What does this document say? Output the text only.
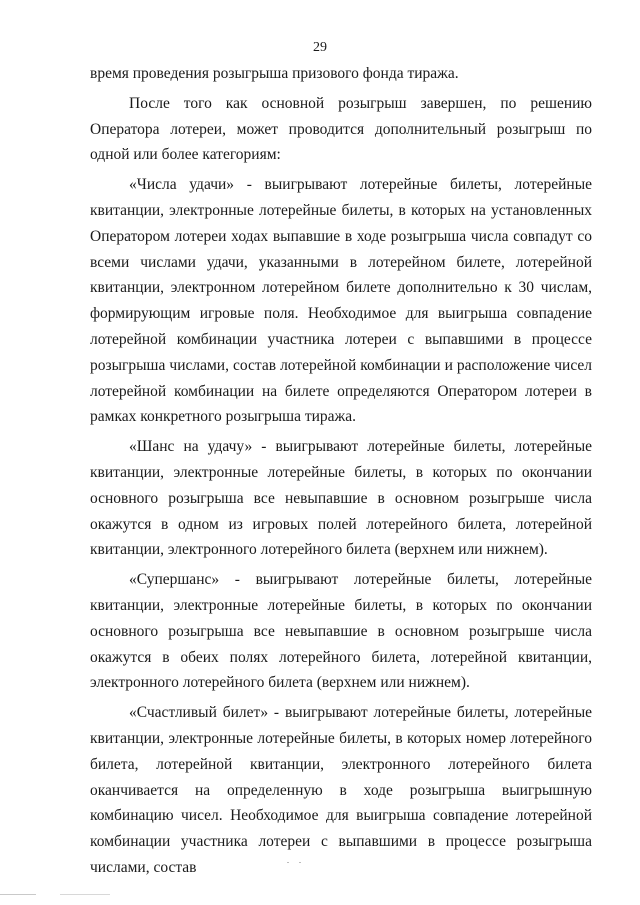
29

время проведения розыгрыша призового фонда тиража.

После того как основной розыгрыш завершен, по решению Оператора лотереи, может проводится дополнительный розыгрыш по одной или более категориям:

«Числа удачи» - выигрывают лотерейные билеты, лотерейные квитанции, электронные лотерейные билеты, в которых на установленных Оператором лотереи ходах выпавшие в ходе розыгрыша числа совпадут со всеми числами удачи, указанными в лотерейном билете, лотерейной квитанции, электронном лотерейном билете дополнительно к 30 числам, формирующим игровые поля. Необходимое для выигрыша совпадение лотерейной комбинации участника лотереи с выпавшими в процессе розыгрыша числами, состав лотерейной комбинации и расположение чисел лотерейной комбинации на билете определяются Оператором лотереи в рамках конкретного розыгрыша тиража.

«Шанс на удачу» - выигрывают лотерейные билеты, лотерейные квитанции, электронные лотерейные билеты, в которых по окончании основного розыгрыша все невыпавшие в основном розыгрыше числа окажутся в одном из игровых полей лотерейного билета, лотерейной квитанции, электронного лотерейного билета (верхнем или нижнем).

«Супершанс» - выигрывают лотерейные билеты, лотерейные квитанции, электронные лотерейные билеты, в которых по окончании основного розыгрыша все невыпавшие в основном розыгрыше числа окажутся в обеих полях лотерейного билета, лотерейной квитанции, электронного лотерейного билета (верхнем или нижнем).

«Счастливый билет» - выигрывают лотерейные билеты, лотерейные квитанции, электронные лотерейные билеты, в которых номер лотерейного билета, лотерейной квитанции, электронного лотерейного билета оканчивается на определенную в ходе розыгрыша выигрышную комбинацию чисел. Необходимое для выигрыша совпадение лотерейной комбинации участника лотереи с выпавшими в процессе розыгрыша числами, состав
